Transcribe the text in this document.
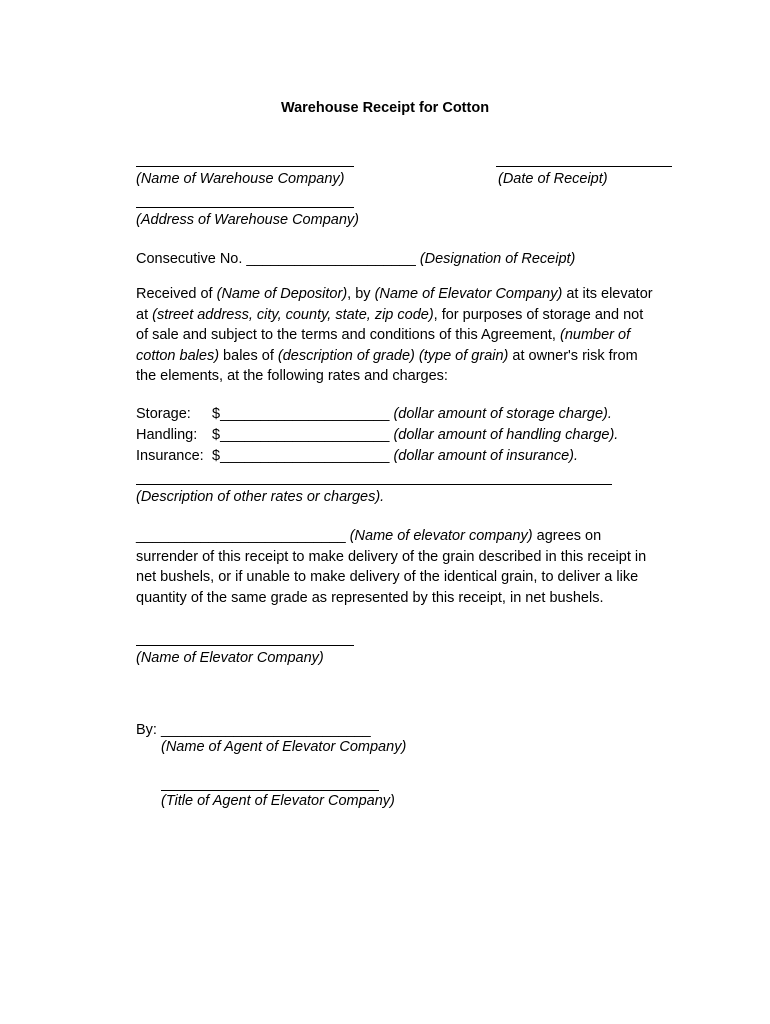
Warehouse Receipt for Cotton
(Name of Warehouse Company)	(Date of Receipt)
(Address of Warehouse Company)
Consecutive No. _____________________ (Designation of Receipt)

Received of (Name of Depositor), by (Name of Elevator Company) at its elevator

at (street address, city, county, state, zip code), for purposes of storage and not

of sale and subject to the terms and conditions of this Agreement, (number of

cotton bales) bales of (description of grade) (type of grain) at owner's risk from

the elements, at the following rates and charges:

Storage: $_____________________ (dollar amount of storage charge).
Handling: $_____________________ (dollar amount of handling charge).
Insurance: $_____________________ (dollar amount of insurance).
(Description of other rates or charges).

__________________________ (Name of elevator company) agrees on

surrender of this receipt to make delivery of the grain described in this receipt in

net bushels, or if unable to make delivery of the identical grain, to deliver a like

quantity of the same grade as represented by this receipt, in net bushels.

(Name of Elevator Company)
By: __________________________
(Name of Agent of Elevator Company)
(Title of Agent of Elevator Company)
